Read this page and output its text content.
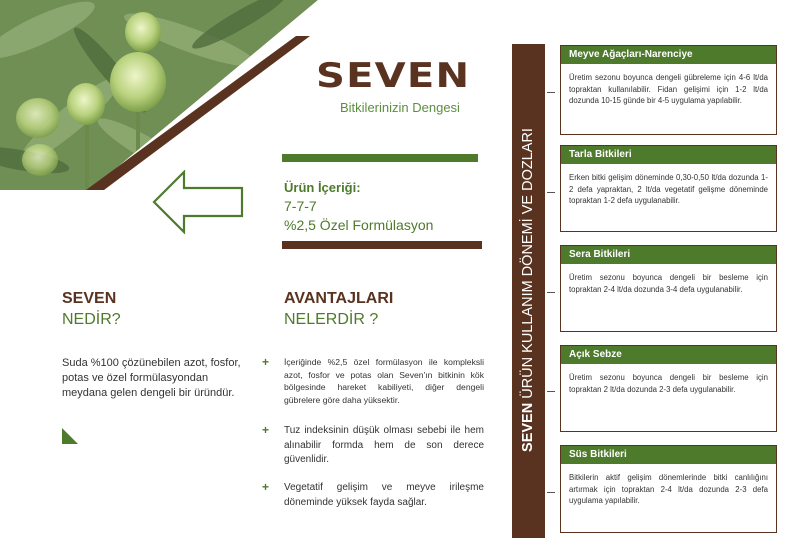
SEVEN
Bitkilerinizin Dengesi
Ürün İçeriği:
7-7-7
%2,5 Özel Formülasyon
SEVEN
NEDİR?
Suda %100 çözünebilen azot, fosfor, potas ve özel formülasyondan meydana gelen dengeli bir üründür.
AVANTAJLARI
NELERDİR ?
+ İçeriğinde %2,5 özel formülasyon ile kompleksli azot, fosfor ve potas olan Seven'ın bitkinin kök bölgesinde hareket kabiliyeti, diğer dengeli gübrelere göre daha yüksektir.
+ Tuz indeksinin düşük olması sebebi ile hem alınabilir formda hem de son derece güvenlidir.
+ Vegetatif gelişim ve meyve irileşme döneminde yüksek fayda sağlar.
SEVEN ÜRÜN KULLANIM DÖNEMİ VE DOZLARI
Meyve Ağaçları-Narenciye
Üretim sezonu boyunca dengeli gübreleme için 4-6 lt/da topraktan kullanılabilir. Fidan gelişimi için 1-2 lt/da dozunda 10-15 günde bir 4-5 uygulama yapılabilir.
Tarla Bitkileri
Erken bitki gelişim döneminde 0,30-0,50 lt/da dozunda 1-2 defa yapraktan, 2 lt/da vegetatif gelişme döneminde topraktan 1-2 defa uygulanabilir.
Sera Bitkileri
Üretim sezonu boyunca dengeli bir besleme için topraktan 2-4 lt/da dozunda 3-4 defa uygulanabilir.
Açık Sebze
Üretim sezonu boyunca dengeli bir besleme için topraktan 2 lt/da dozunda 2-3 defa uygulanabilir.
Süs Bitkileri
Bitkilerin aktif gelişim dönemlerinde bitki canlılığını artırmak için topraktan 2-4 lt/da dozunda 2-3 defa uygulama yapılabilir.
